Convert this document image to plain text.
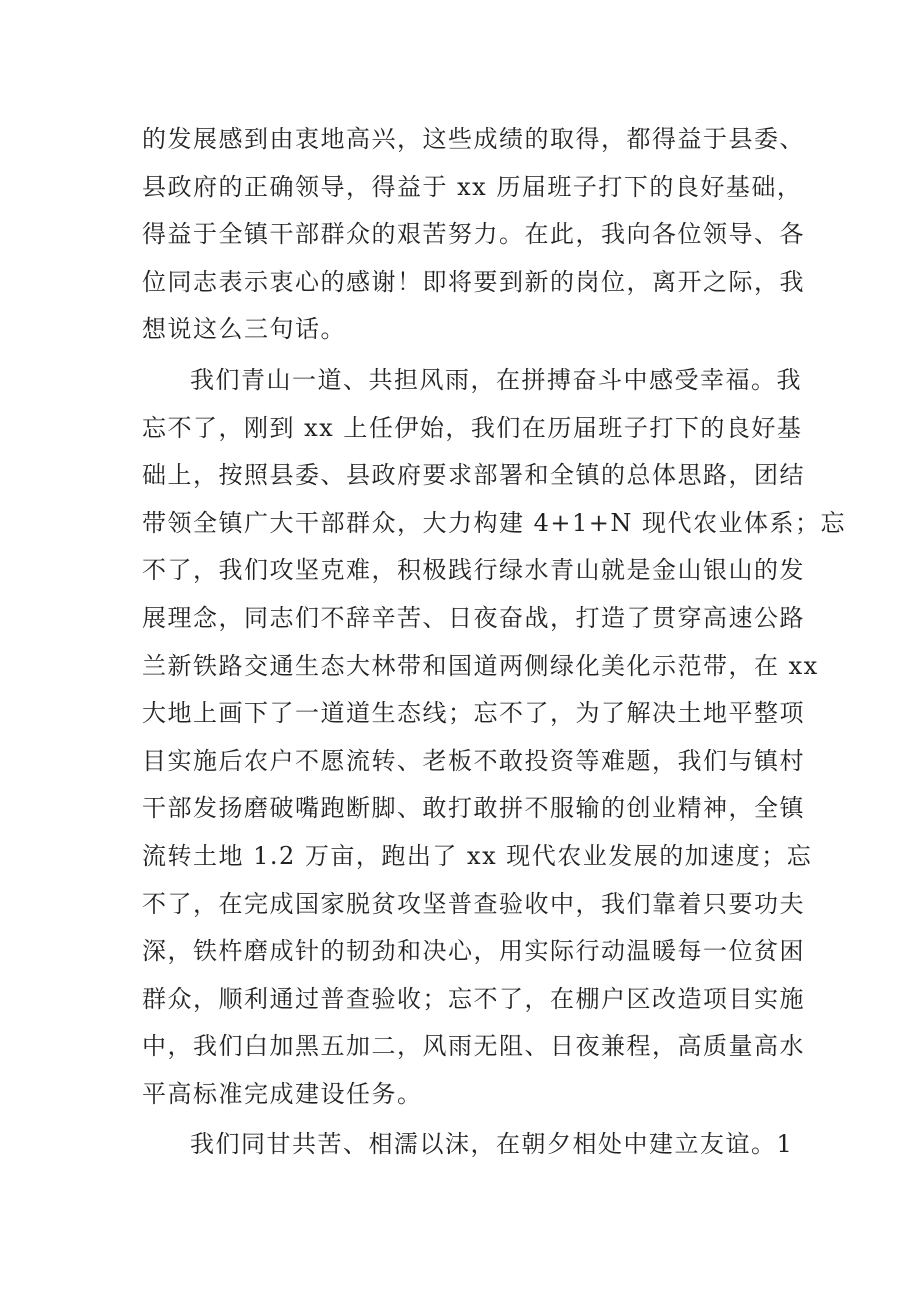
的发展感到由衷地高兴，这些成绩的取得，都得益于县委、
县政府的正确领导，得益于 xx 历届班子打下的良好基础，
得益于全镇干部群众的艰苦努力。在此，我向各位领导、各
位同志表示衷心的感谢！即将要到新的岗位，离开之际，我
想说这么三句话。
我们青山一道、共担风雨，在拼搏奋斗中感受幸福。我
忘不了，刚到 xx 上任伊始，我们在历届班子打下的良好基
础上，按照县委、县政府要求部署和全镇的总体思路，团结
带领全镇广大干部群众，大力构建 4+1+N 现代农业体系；忘
不了，我们攻坚克难，积极践行绿水青山就是金山银山的发
展理念，同志们不辞辛苦、日夜奋战，打造了贯穿高速公路
兰新铁路交通生态大林带和国道两侧绿化美化示范带，在 xx
大地上画下了一道道生态线；忘不了，为了解决土地平整项
目实施后农户不愿流转、老板不敢投资等难题，我们与镇村
干部发扬磨破嘴跑断脚、敢打敢拼不服输的创业精神，全镇
流转土地 1.2 万亩，跑出了 xx 现代农业发展的加速度；忘
不了，在完成国家脱贫攻坚普查验收中，我们靠着只要功夫
深，铁杵磨成针的韧劲和决心，用实际行动温暖每一位贫困
群众，顺利通过普查验收；忘不了，在棚户区改造项目实施
中，我们白加黑五加二，风雨无阻、日夜兼程，高质量高水
平高标准完成建设任务。
我们同甘共苦、相濡以沫，在朝夕相处中建立友谊。1
